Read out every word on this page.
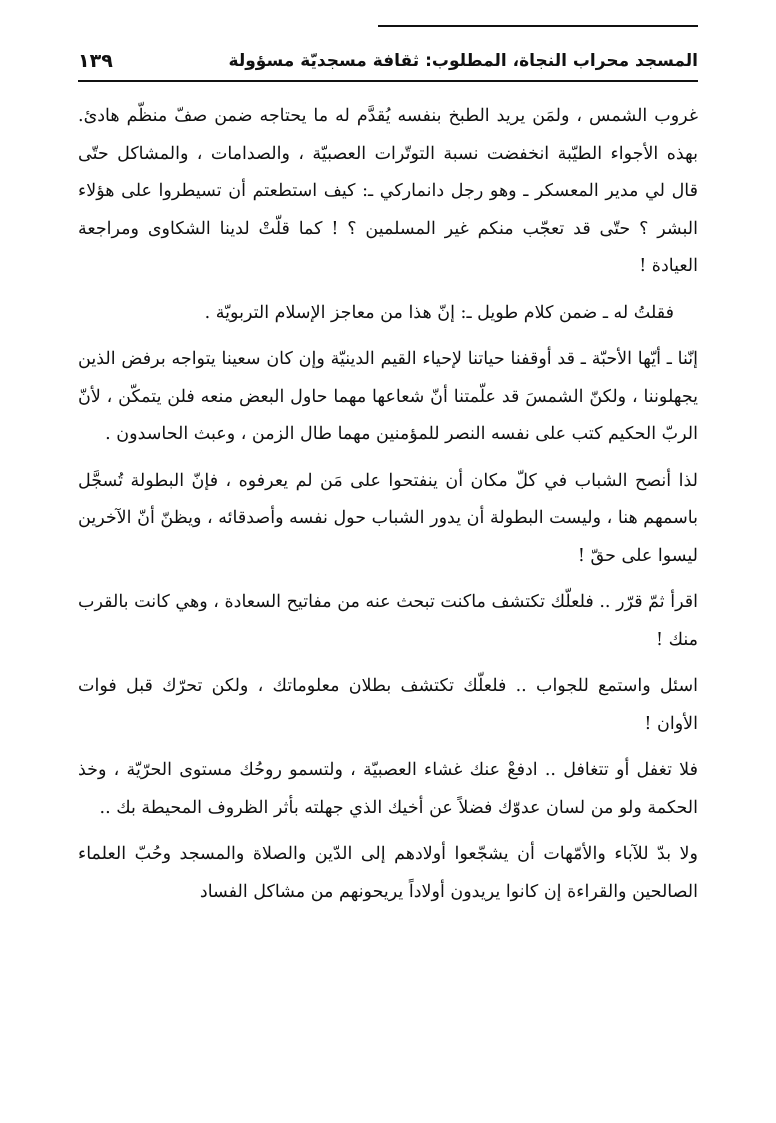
المسجد محراب النجاة، المطلوب: ثقافة مسجديّة مسؤولة
١٣٩

غروب الشمس ، ولمَن يريد الطبخ بنفسه يُقدَّم له ما يحتاجه ضمن صفّ منظّم هادئ. بهذه الأجواء الطيّبة انخفضت نسبة التوتّرات العصبيّة ، والصدامات ، والمشاكل حتّى قال لي مدير المعسكر ـ وهو رجل دانماركي ـ: كيف استطعتم أن تسيطروا على هؤلاء البشر ؟ حتّى قد تعجّب منكم غير المسلمين ؟ ! كما قلّتْ لدينا الشكاوى ومراجعة العيادة !

فقلتُ له ـ ضمن كلام طويل ـ: إنّ هذا من معاجز الإسلام التربويّة .

إنّنا ـ أيّها الأحبّة ـ قد أوقفنا حياتنا لإحياء القيم الدينيّة وإن كان سعينا يتواجه برفض الذين يجهلوننا ، ولكنّ الشمسَ قد علّمتنا أنّ شعاعها مهما حاول البعض منعه فلن يتمكّن ، لأنّ الربّ الحكيم كتب على نفسه النصر للمؤمنين مهما طال الزمن ، وعبث الحاسدون .

لذا أنصح الشباب في كلّ مكان أن ينفتحوا على مَن لم يعرفوه ، فإنّ البطولة تُسجَّل باسمهم هنا ، وليست البطولة أن يدور الشباب حول نفسه وأصدقائه ، ويظنّ أنّ الآخرين ليسوا على حقّ !

اقرأ ثمّ قرّر .. فلعلّك تكتشف ماكنت تبحث عنه من مفاتيح السعادة ، وهي كانت بالقرب منك !

اسئل واستمع للجواب .. فلعلّك تكتشف بطلان معلوماتك ، ولكن تحرّك قبل فوات الأوان !

فلا تغفل أو تتغافل .. ادفعْ عنك غشاء العصبيّة ، ولتسمو روحُك مستوى الحرّيّة ، وخذ الحكمة ولو من لسان عدوّك فضلاً عن أخيك الذي جهلته بأثر الظروف المحيطة بك ..

ولا بدّ للآباء والأمّهات أن يشجّعوا أولادهم إلى الدّين والصلاة والمسجد وحُبّ العلماء الصالحين والقراءة إن كانوا يريدون أولاداً يريحونهم من مشاكل الفساد
